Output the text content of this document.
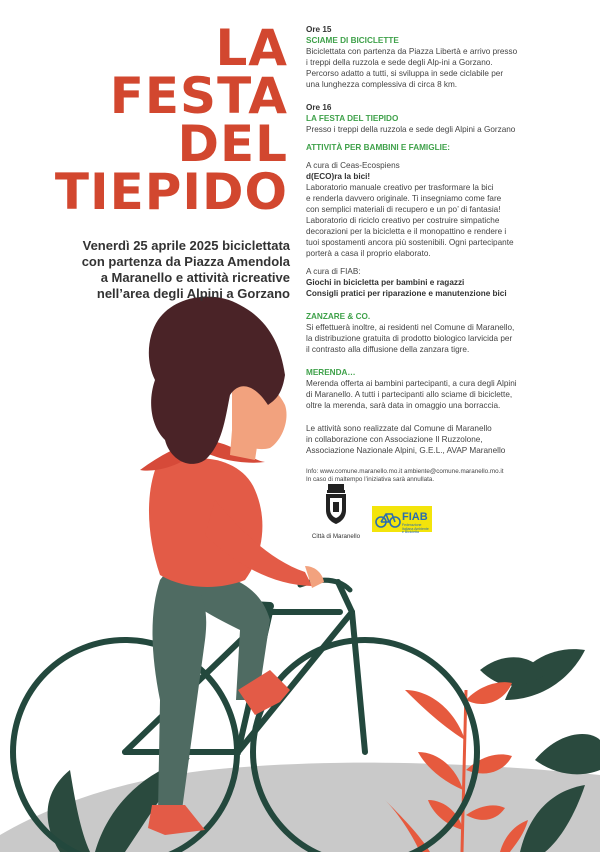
LA
FESTA
DEL
TIEPIDO
Venerdì 25 aprile 2025 biciclettata
con partenza da Piazza Amendola
a Maranello e attività ricreative
nell’area degli Alpini a Gorzano
Ore 15
SCIAME DI BICICLETTE
Biciclettata con partenza da Piazza Libertà e arrivo presso
i treppi della ruzzola e sede degli Alp-ini a Gorzano.
Percorso adatto a tutti, si sviluppa in sede ciclabile per
una lunghezza complessiva di circa 8 km.
Ore 16
LA FESTA DEL TIEPIDO
Presso i treppi della ruzzola e sede degli Alpini a Gorzano
ATTIVITÀ PER BAMBINI E FAMIGLIE:
A cura di Ceas-Ecospiens
d(ECO)ra la bici!
Laboratorio manuale creativo per trasformare la bici
e renderla davvero originale. Ti insegniamo come fare
con semplici materiali di recupero e un po’ di fantasia!
Laboratorio di riciclo creativo per costruire simpatiche
decorazioni per la bicicletta e il monopattino e rendere i
tuoi spostamenti ancora più sostenibili. Ogni partecipante
porterà a casa il proprio elaborato.
A cura di FIAB:
Giochi in bicicletta per bambini e ragazzi
Consigli pratici per riparazione e manutenzione bici
ZANZARE & CO.
Si effettuerà inoltre, ai residenti nel Comune di Maranello,
la distribuzione gratuita di prodotto biologico larvicida per
il contrasto alla diffusione della zanzara tigre.
MERENDA…
Merenda offerta ai bambini partecipanti, a cura degli Alpini
di Maranello. A tutti i partecipanti allo sciame di biciclette,
oltre la merenda, sarà data in omaggio una borraccia.
Le attività sono realizzate dal Comune di Maranello
in collaborazione con Associazione Il Ruzzolone,
Associazione Nazionale Alpini, G.E.L., AVAP Maranello
Info: www.comune.maranello.mo.it ambiente@comune.maranello.mo.it
In caso di maltempo l’iniziativa sarà annullata.
Città di Maranello
FIAB
Federazione Italiana Ambiente e Bicicletta
